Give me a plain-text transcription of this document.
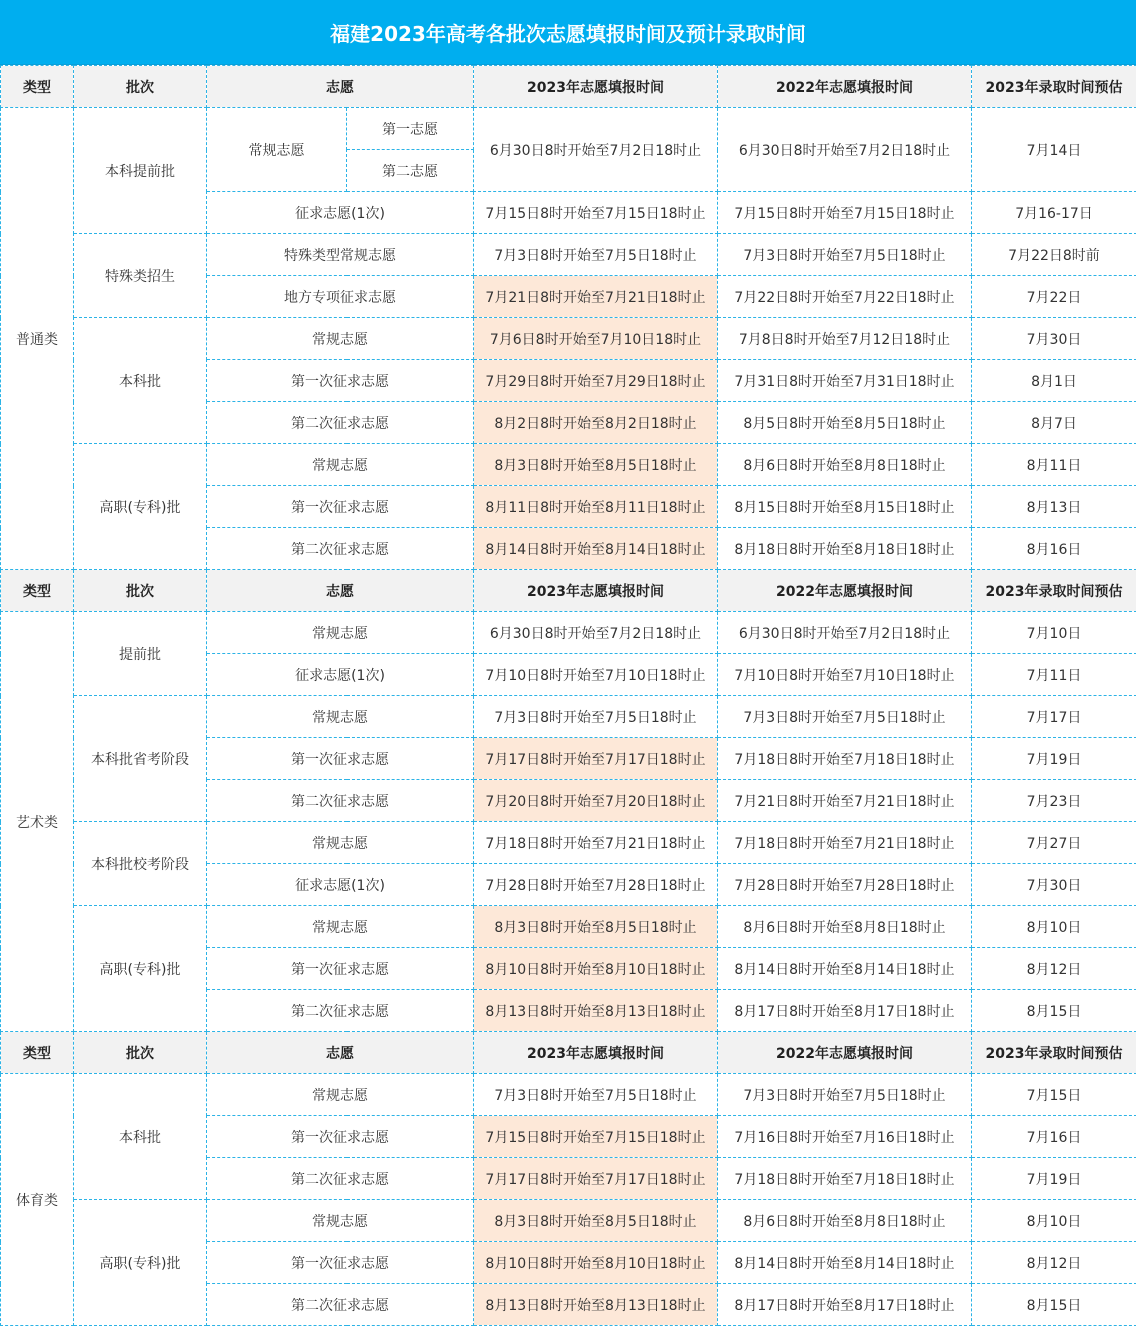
福建2023年高考各批次志愿填报时间及预计录取时间
类型	批次	志愿		2023年志愿填报时间	2022年志愿填报时间	2023年录取时间预估
普通类	本科提前批	常规志愿	第一志愿	6月30日8时开始至7月2日18时止	6月30日8时开始至7月2日18时止	7月14日
			第二志愿			
		征求志愿(1次)		7月15日8时开始至7月15日18时止	7月15日8时开始至7月15日18时止	7月16-17日
	特殊类招生	特殊类型常规志愿		7月3日8时开始至7月5日18时止	7月3日8时开始至7月5日18时止	7月22日8时前
		地方专项征求志愿		7月21日8时开始至7月21日18时止	7月22日8时开始至7月22日18时止	7月22日
	本科批	常规志愿		7月6日8时开始至7月10日18时止	7月8日8时开始至7月12日18时止	7月30日
		第一次征求志愿		7月29日8时开始至7月29日18时止	7月31日8时开始至7月31日18时止	8月1日
		第二次征求志愿		8月2日8时开始至8月2日18时止	8月5日8时开始至8月5日18时止	8月7日
	高职(专科)批	常规志愿		8月3日8时开始至8月5日18时止	8月6日8时开始至8月8日18时止	8月11日
		第一次征求志愿		8月11日8时开始至8月11日18时止	8月15日8时开始至8月15日18时止	8月13日
		第二次征求志愿		8月14日8时开始至8月14日18时止	8月18日8时开始至8月18日18时止	8月16日
类型	批次	志愿		2023年志愿填报时间	2022年志愿填报时间	2023年录取时间预估
艺术类	提前批	常规志愿		6月30日8时开始至7月2日18时止	6月30日8时开始至7月2日18时止	7月10日
		征求志愿(1次)		7月10日8时开始至7月10日18时止	7月10日8时开始至7月10日18时止	7月11日
	本科批省考阶段	常规志愿		7月3日8时开始至7月5日18时止	7月3日8时开始至7月5日18时止	7月17日
		第一次征求志愿		7月17日8时开始至7月17日18时止	7月18日8时开始至7月18日18时止	7月19日
		第二次征求志愿		7月20日8时开始至7月20日18时止	7月21日8时开始至7月21日18时止	7月23日
	本科批校考阶段	常规志愿		7月18日8时开始至7月21日18时止	7月18日8时开始至7月21日18时止	7月27日
		征求志愿(1次)		7月28日8时开始至7月28日18时止	7月28日8时开始至7月28日18时止	7月30日
	高职(专科)批	常规志愿		8月3日8时开始至8月5日18时止	8月6日8时开始至8月8日18时止	8月10日
		第一次征求志愿		8月10日8时开始至8月10日18时止	8月14日8时开始至8月14日18时止	8月12日
		第二次征求志愿		8月13日8时开始至8月13日18时止	8月17日8时开始至8月17日18时止	8月15日
类型	批次	志愿		2023年志愿填报时间	2022年志愿填报时间	2023年录取时间预估
体育类	本科批	常规志愿		7月3日8时开始至7月5日18时止	7月3日8时开始至7月5日18时止	7月15日
		第一次征求志愿		7月15日8时开始至7月15日18时止	7月16日8时开始至7月16日18时止	7月16日
		第二次征求志愿		7月17日8时开始至7月17日18时止	7月18日8时开始至7月18日18时止	7月19日
	高职(专科)批	常规志愿		8月3日8时开始至8月5日18时止	8月6日8时开始至8月8日18时止	8月10日
		第一次征求志愿		8月10日8时开始至8月10日18时止	8月14日8时开始至8月14日18时止	8月12日
		第二次征求志愿		8月13日8时开始至8月13日18时止	8月17日8时开始至8月17日18时止	8月15日
